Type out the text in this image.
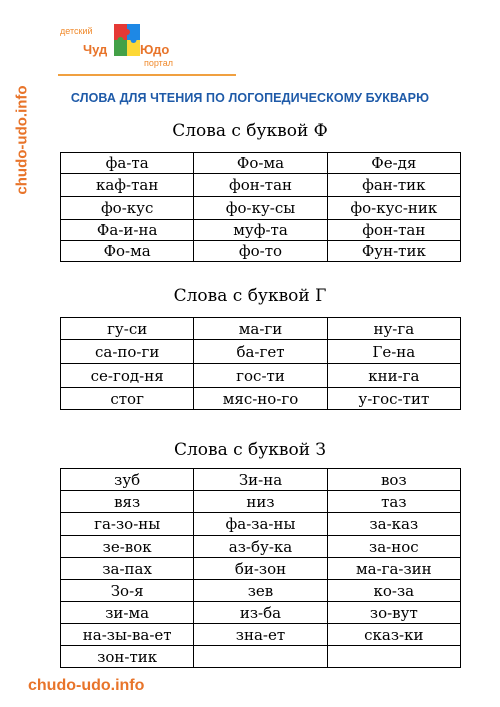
chudo-udo.info
детский
Чуд	Юдо
портал
СЛОВА ДЛЯ ЧТЕНИЯ ПО ЛОГОПЕДИЧЕСКОМУ БУКВАРЮ
Слова с буквой Ф
фа-та	Фо-ма	Фе-дя
каф-тан	фон-тан	фан-тик
фо-кус	фо-ку-сы	фо-кус-ник
Фа-и-на	муф-та	фон-тан
Фо-ма	фо-то	Фун-тик
Слова с буквой Г
гу-си	ма-ги	ну-га
са-по-ги	ба-гет	Ге-на
се-год-ня	гос-ти	кни-га
стог	мяс-но-го	у-гос-тит
Слова с буквой З
зуб	Зи-на	воз
вяз	низ	таз
га-зо-ны	фа-за-ны	за-каз
зе-вок	аз-бу-ка	за-нос
за-пах	би-зон	ма-га-зин
Зо-я	зев	ко-за
зи-ма	из-ба	зо-вут
на-зы-ва-ет	зна-ет	сказ-ки
зон-тик		
chudo-udo.info
